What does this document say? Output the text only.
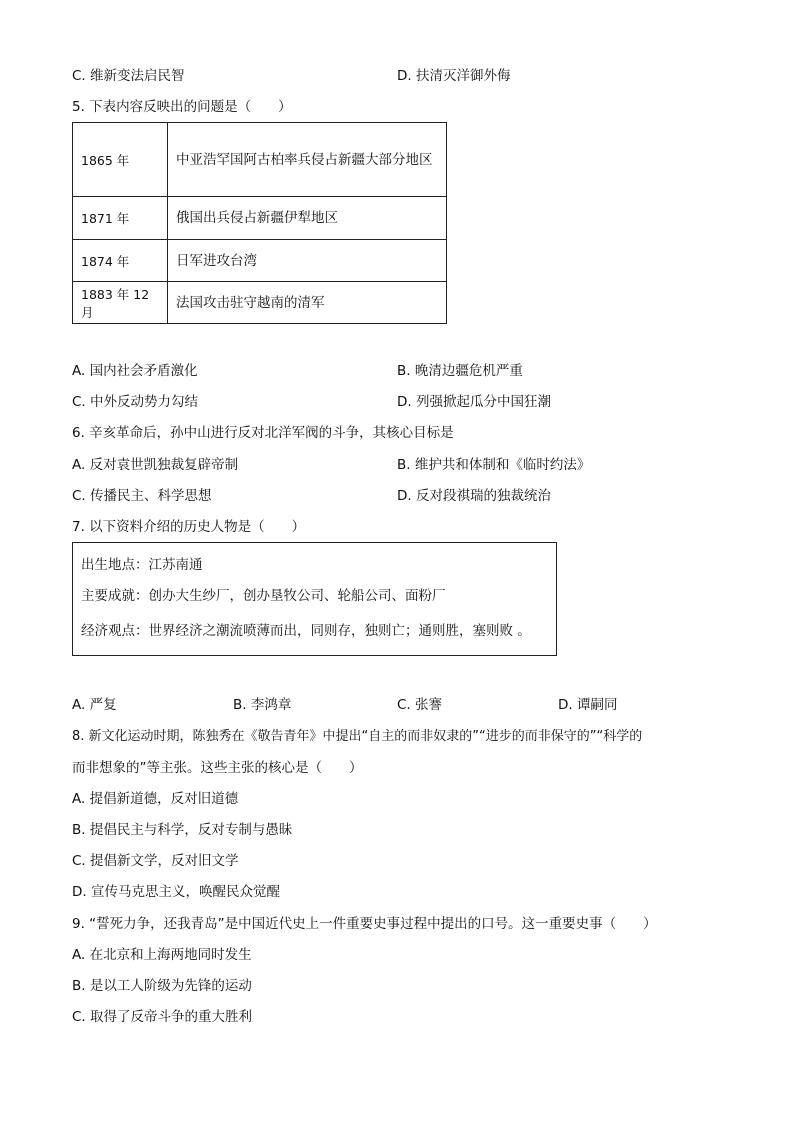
C. 维新变法启民智	D. 扶清灭洋御外侮
5. 下表内容反映出的问题是（　　）
1865 年	中亚浩罕国阿古柏率兵侵占新疆大部分地区
1871 年	俄国出兵侵占新疆伊犁地区
1874 年	日军进攻台湾
1883 年 12 月	法国攻击驻守越南的清军
A. 国内社会矛盾激化	B. 晚清边疆危机严重
C. 中外反动势力勾结	D. 列强掀起瓜分中国狂潮
6. 辛亥革命后，孙中山进行反对北洋军阀的斗争，其核心目标是
A. 反对袁世凯独裁复辟帝制	B. 维护共和体制和《临时约法》
C. 传播民主、科学思想	D. 反对段祺瑞的独裁统治
7. 以下资料介绍的历史人物是（　　）
出生地点：江苏南通
主要成就：创办大生纱厂，创办垦牧公司、轮船公司、面粉厂
经济观点：世界经济之潮流喷薄而出，同则存，独则亡；通则胜，塞则败 。
A. 严复	B. 李鸿章	C. 张謇	D. 谭嗣同
8. 新文化运动时期，陈独秀在《敬告青年》中提出“自主的而非奴隶的”“进步的而非保守的”“科学的
而非想象的”等主张。这些主张的核心是（　　）
A. 提倡新道德，反对旧道德
B. 提倡民主与科学，反对专制与愚昧
C. 提倡新文学，反对旧文学
D. 宣传马克思主义，唤醒民众觉醒
9. “誓死力争，还我青岛”是中国近代史上一件重要史事过程中提出的口号。这一重要史事（　　）
A. 在北京和上海两地同时发生
B. 是以工人阶级为先锋的运动
C. 取得了反帝斗争的重大胜利
